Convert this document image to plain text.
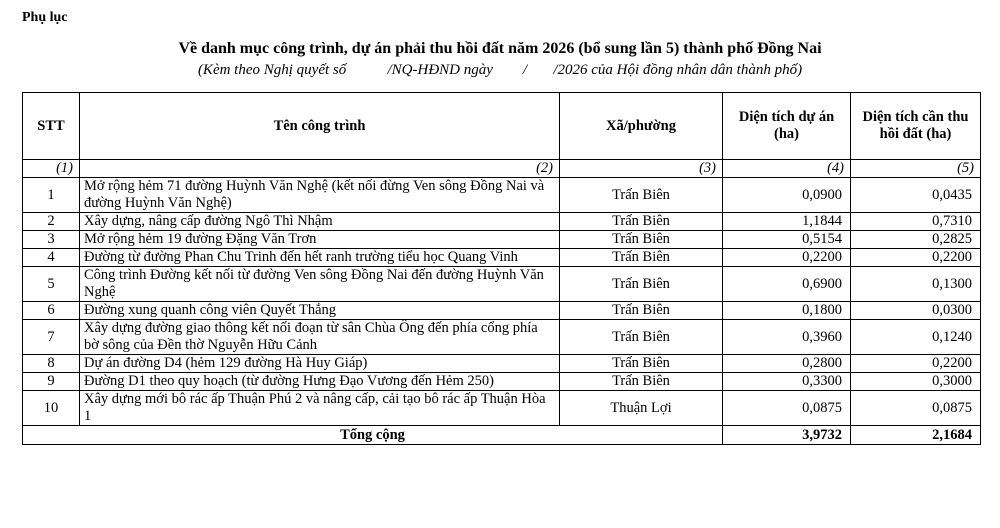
Phụ lục
Về danh mục công trình, dự án phải thu hồi đất năm 2026 (bổ sung lần 5) thành phố Đồng Nai
(Kèm theo Nghị quyết số           /NQ-HĐND ngày        /       /2026 của Hội đồng nhân dân thành phố)
STT	Tên công trình	Xã/phường	Diện tích dự án (ha)	Diện tích cần thu hồi đất (ha)
(1)	(2)	(3)	(4)	(5)
1	Mở rộng hẻm 71 đường Huỳnh Văn Nghệ (kết nối đừng Ven sông Đồng Nai và đường Huỳnh Văn Nghệ)	Trấn Biên	0,0900	0,0435
2	Xây dựng, nâng cấp đường Ngô Thì Nhậm	Trấn Biên	1,1844	0,7310
3	Mở rộng hẻm 19 đường Đặng Văn Trơn	Trấn Biên	0,5154	0,2825
4	Đường từ đường Phan Chu Trinh đến hết ranh trường tiểu học Quang Vinh	Trấn Biên	0,2200	0,2200
5	Công trình Đường kết nối từ đường Ven sông Đồng Nai đến đường Huỳnh Văn Nghệ	Trấn Biên	0,6900	0,1300
6	Đường xung quanh công viên Quyết Thắng	Trấn Biên	0,1800	0,0300
7	Xây dựng đường giao thông kết nối đoạn từ sân Chùa Ông đến phía cổng phía bờ sông của Đền thờ Nguyễn Hữu Cảnh	Trấn Biên	0,3960	0,1240
8	Dự án đường D4 (hẻm 129 đường Hà Huy Giáp)	Trấn Biên	0,2800	0,2200
9	Đường D1 theo quy hoạch (từ đường Hưng Đạo Vương đến Hẻm 250)	Trấn Biên	0,3300	0,3000
10	Xây dựng mới bô rác ấp Thuận Phú 2 và nâng cấp, cải tạo bô rác ấp Thuận Hòa 1	Thuận Lợi	0,0875	0,0875
Tổng cộng			3,9732	2,1684
